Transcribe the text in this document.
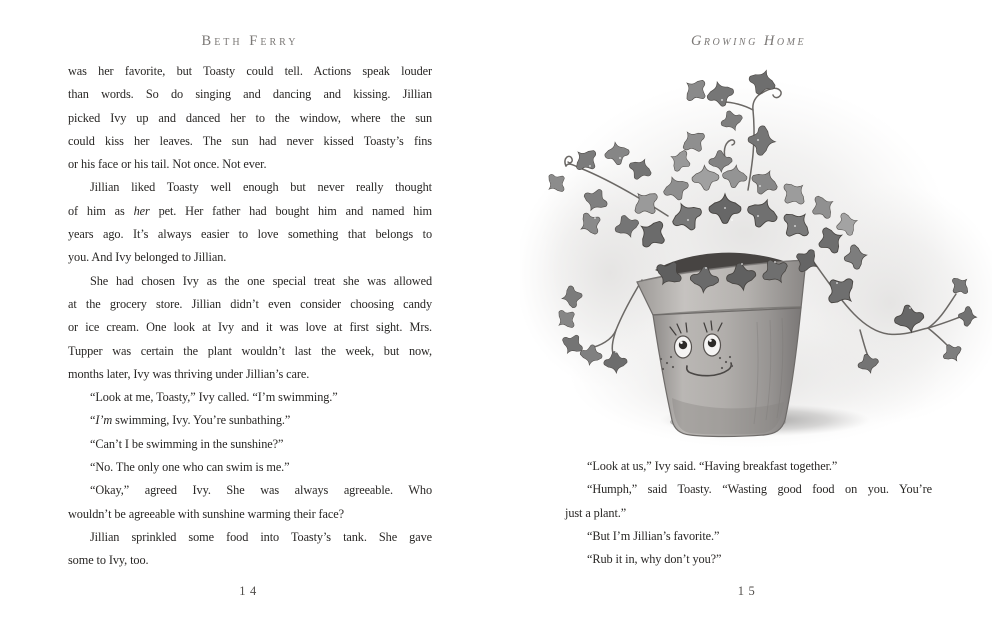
Beth Ferry	Growing Home
was her favorite, but Toasty could tell. Actions speak louder
than words. So do singing and dancing and kissing. Jillian
picked Ivy up and danced her to the window, where the sun
could kiss her leaves. The sun had never kissed Toasty’s fins
or his face or his tail. Not once. Not ever.
Jillian liked Toasty well enough but never really thought
of him as her pet. Her father had bought him and named him
years ago. It’s always easier to love something that belongs to
you. And Ivy belonged to Jillian.
She had chosen Ivy as the one special treat she was allowed
at the grocery store. Jillian didn’t even consider choosing candy
or ice cream. One look at Ivy and it was love at first sight. Mrs.
Tupper was certain the plant wouldn’t last the week, but now,
months later, Ivy was thriving under Jillian’s care.
“Look at me, Toasty,” Ivy called. “I’m swimming.”
“I’m swimming, Ivy. You’re sunbathing.”
“Can’t I be swimming in the sunshine?”
“No. The only one who can swim is me.”
“Okay,” agreed Ivy. She was always agreeable. Who
wouldn’t be agreeable with sunshine warming their face?
Jillian sprinkled some food into Toasty’s tank. She gave
some to Ivy, too.
“Look at us,” Ivy said. “Having breakfast together.”
“Humph,” said Toasty. “Wasting good food on you. You’re
just a plant.”
“But I’m Jillian’s favorite.”
“Rub it in, why don’t you?”
14	15
